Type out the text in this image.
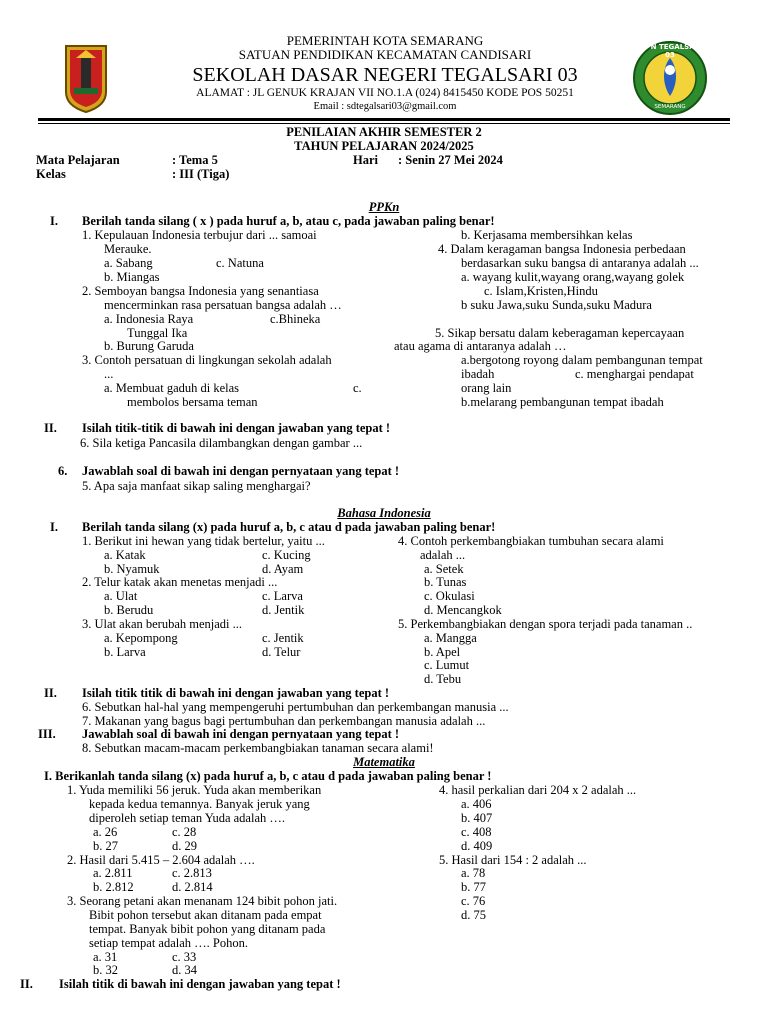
PEMERINTAH KOTA SEMARANG
SATUAN PENDIDIKAN KECAMATAN CANDISARI
SEKOLAH DASAR NEGERI TEGALSARI 03
ALAMAT : JL GENUK KRAJAN VII NO.1.A (024) 8415450 KODE POS 50251
Email : sdtegalsari03@gmail.com
SD N TEGALSARI 03
SEMARANG
PENILAIAN AKHIR SEMESTER 2
TAHUN PELAJARAN 2024/2025
Mata Pelajaran	: Tema 5	Hari : Senin 27 Mei 2024
Kelas	: III (Tiga)
PPKn
I. Berilah tanda silang ( x ) pada huruf a, b, atau c, pada jawaban paling benar!
1. Kepulauan Indonesia terbujur dari ... samoai
Merauke.
a. Sabang	c. Natuna
b. Miangas
2. Semboyan bangsa Indonesia yang senantiasa
mencerminkan rasa persatuan bangsa adalah …
a. Indonesia Raya	c.Bhineka
Tunggal Ika
b. Burung Garuda
3. Contoh persatuan di lingkungan sekolah adalah
...
a. Membuat gaduh di kelas	c.
membolos bersama teman
b. Kerjasama membersihkan kelas
4. Dalam keragaman bangsa Indonesia perbedaan
berdasarkan suku bangsa di antaranya adalah ...
a. wayang kulit,wayang orang,wayang golek
c. Islam,Kristen,Hindu
b suku Jawa,suku Sunda,suku Madura
5. Sikap bersatu dalam keberagaman kepercayaan
atau agama di antaranya adalah …
a.bergotong royong dalam pembangunan tempat
ibadah	c. menghargai pendapat
orang lain
b.melarang pembangunan tempat ibadah
II. Isilah titik-titik di bawah ini dengan jawaban yang tepat !
6. Sila ketiga Pancasila dilambangkan dengan gambar ...
6. Jawablah soal di bawah ini dengan pernyataan yang tepat !
5. Apa saja manfaat sikap saling menghargai?
Bahasa Indonesia
I. Berilah tanda silang (x) pada huruf a, b, c atau d pada jawaban paling benar!
1. Berikut ini hewan yang tidak bertelur, yaitu ...
a. Katak	c. Kucing
b. Nyamuk	d. Ayam
2. Telur katak akan menetas menjadi ...
a. Ulat	c. Larva
b. Berudu	d. Jentik
3. Ulat akan berubah menjadi ...
a. Kepompong	c. Jentik
b. Larva	d. Telur
4. Contoh perkembangbiakan tumbuhan secara alami
adalah ...
a. Setek
b. Tunas
c. Okulasi
d. Mencangkok
5. Perkembangbiakan dengan spora terjadi pada tanaman ..
a. Mangga
b. Apel
c. Lumut
d. Tebu
II. Isilah titik titik di bawah ini dengan jawaban yang tepat !
6. Sebutkan hal-hal yang mempengeruhi pertumbuhan dan perkembangan manusia ...
7. Makanan yang bagus bagi pertumbuhan dan perkembangan manusia adalah ...
III. Jawablah soal di bawah ini dengan pernyataan yang tepat !
8. Sebutkan macam-macam perkembangbiakan tanaman secara alami!
Matematika
I. Berikanlah tanda silang (x) pada huruf a, b, c atau d pada jawaban paling benar !
1. Yuda memiliki 56 jeruk. Yuda akan memberikan
kepada kedua temannya. Banyak jeruk yang
diperoleh setiap teman Yuda adalah ….
a. 26	c. 28
b. 27	d. 29
2. Hasil dari 5.415 – 2.604 adalah ….
a. 2.811	c. 2.813
b. 2.812	d. 2.814
3. Seorang petani akan menanam 124 bibit pohon jati.
Bibit pohon tersebut akan ditanam pada empat
tempat. Banyak bibit pohon yang ditanam pada
setiap tempat adalah …. Pohon.
a. 31	c. 33
b. 32	d. 34
4. hasil perkalian dari 204 x 2 adalah ...
a. 406
b. 407
c. 408
d. 409
5. Hasil dari 154 : 2 adalah ...
a. 78
b. 77
c. 76
d. 75
II. Isilah titik di bawah ini dengan jawaban yang tepat !
